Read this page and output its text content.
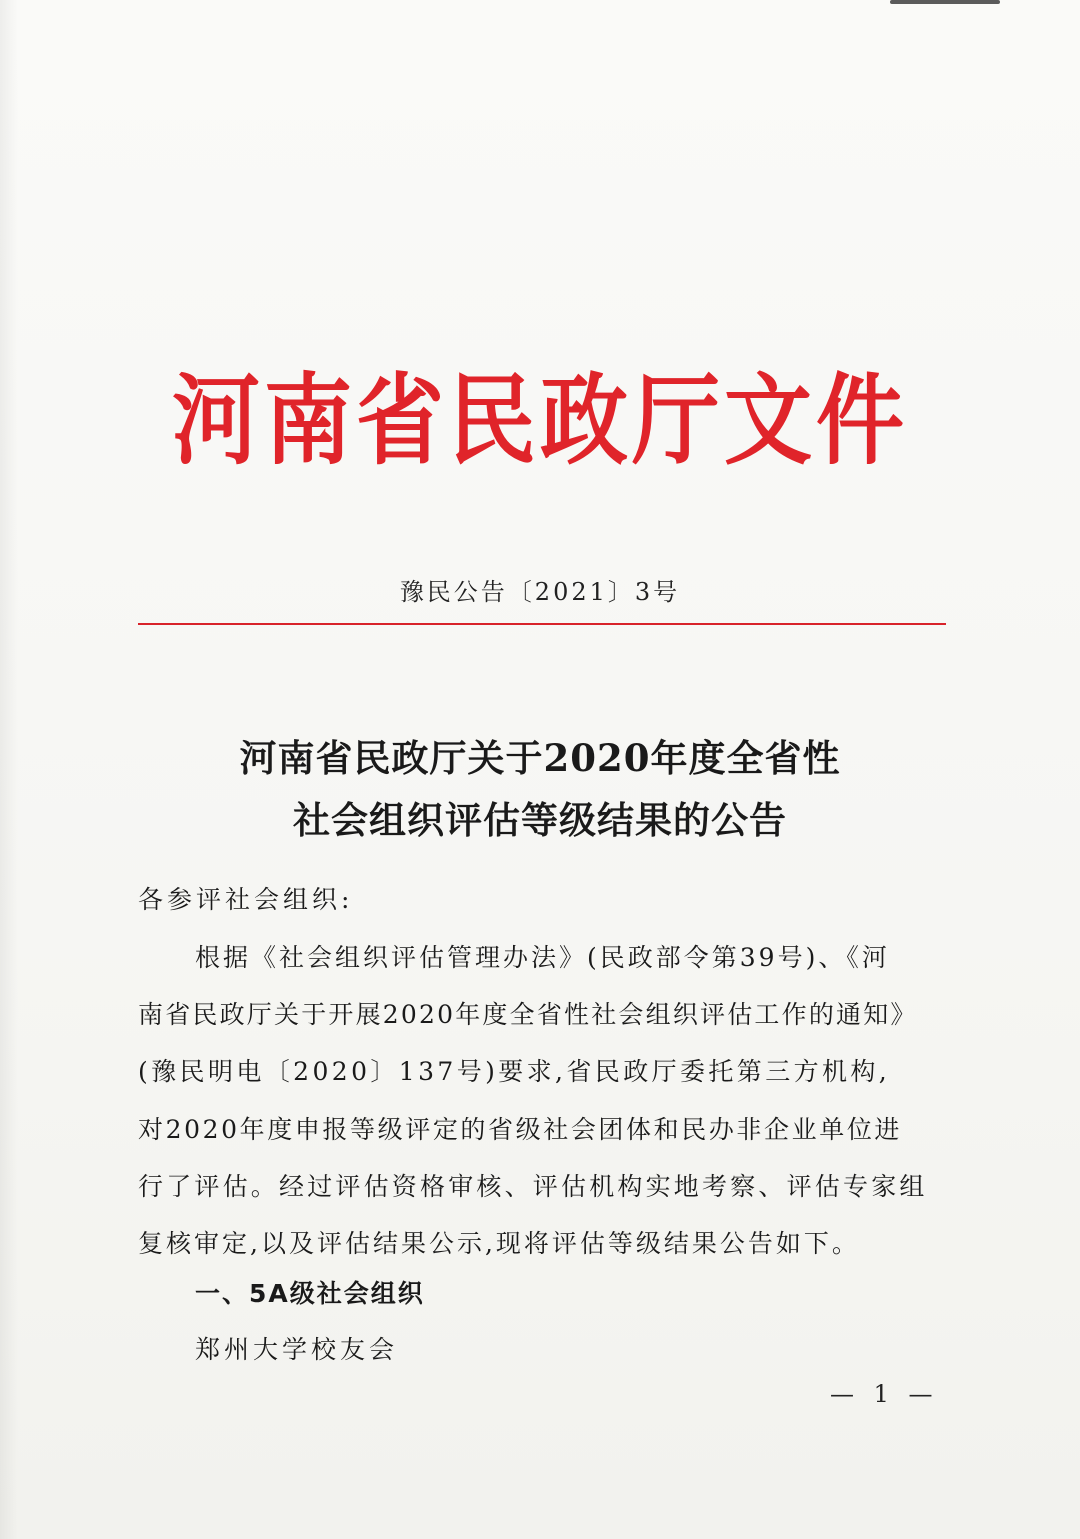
河南省民政厅文件
豫民公告〔2021〕3号
河南省民政厅关于2020年度全省性
社会组织评估等级结果的公告
各参评社会组织:
根据《社会组织评估管理办法》(民政部令第39号)、《河
南省民政厅关于开展2020年度全省性社会组织评估工作的通知》
(豫民明电〔2020〕137号)要求,省民政厅委托第三方机构,
对2020年度申报等级评定的省级社会团体和民办非企业单位进
行了评估。经过评估资格审核、评估机构实地考察、评估专家组
复核审定,以及评估结果公示,现将评估等级结果公告如下。
一、5A级社会组织
郑州大学校友会
— 1 —
